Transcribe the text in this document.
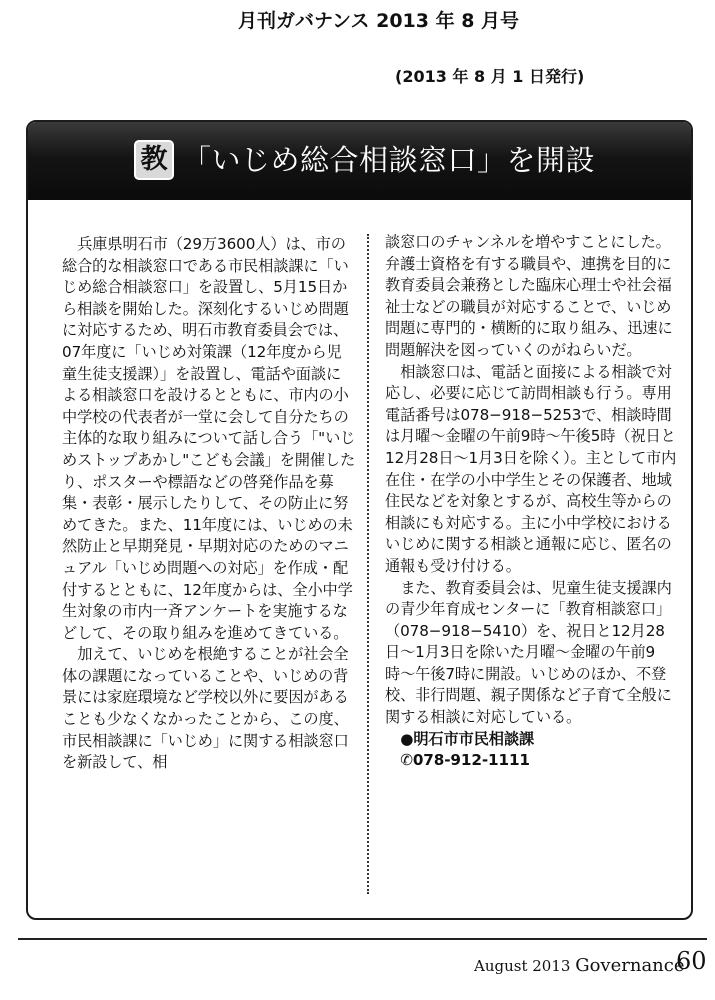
月刊ガバナンス 2013 年 8 月号
(2013 年 8 月 1 日発行)
教 「いじめ総合相談窓口」を開設

兵庫県明石市（29万3600人）は、市の総合的な相談窓口である市民相談課に「いじめ総合相談窓口」を設置し、5月15日から相談を開始した。深刻化するいじめ問題に対応するため、明石市教育委員会では、07年度に「いじめ対策課（12年度から児童生徒支援課）」を設置し、電話や面談による相談窓口を設けるとともに、市内の小中学校の代表者が一堂に会して自分たちの主体的な取り組みについて話し合う「"いじめストップあかし"こども会議」を開催したり、ポスターや標語などの啓発作品を募集・表彰・展示したりして、その防止に努めてきた。また、11年度には、いじめの未然防止と早期発見・早期対応のためのマニュアル「いじめ問題への対応」を作成・配付するとともに、12年度からは、全小中学生対象の市内一斉アンケートを実施するなどして、その取り組みを進めてきている。

加えて、いじめを根絶することが社会全体の課題になっていることや、いじめの背景には家庭環境など学校以外に要因があることも少なくなかったことから、この度、市民相談課に「いじめ」に関する相談窓口を新設して、相

談窓口のチャンネルを増やすことにした。弁護士資格を有する職員や、連携を目的に教育委員会兼務とした臨床心理士や社会福祉士などの職員が対応することで、いじめ問題に専門的・横断的に取り組み、迅速に問題解決を図っていくのがねらいだ。

相談窓口は、電話と面接による相談で対応し、必要に応じて訪問相談も行う。専用電話番号は078−918−5253で、相談時間は月曜〜金曜の午前9時〜午後5時（祝日と12月28日〜1月3日を除く）。主として市内在住・在学の小中学生とその保護者、地域住民などを対象とするが、高校生等からの相談にも対応する。主に小中学校におけるいじめに関する相談と通報に応じ、匿名の通報も受け付ける。

また、教育委員会は、児童生徒支援課内の青少年育成センターに「教育相談窓口」（078−918−5410）を、祝日と12月28日〜1月3日を除いた月曜〜金曜の午前9時〜午後7時に開設。いじめのほか、不登校、非行問題、親子関係など子育て全般に関する相談に対応している。

●明石市市民相談課

✆078-912-1111

August 2013 Governance
60
